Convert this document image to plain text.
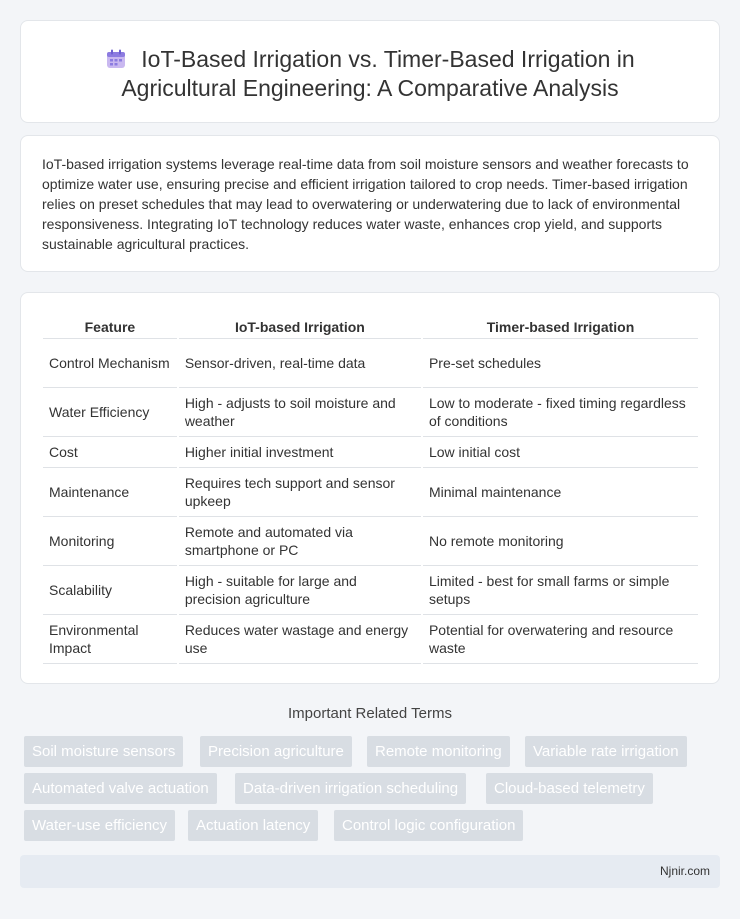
IoT-Based Irrigation vs. Timer-Based Irrigation in
Agricultural Engineering: A Comparative Analysis

IoT-based irrigation systems leverage real-time data from soil moisture sensors and weather forecasts to optimize water use, ensuring precise and efficient irrigation tailored to crop needs. Timer-based irrigation relies on preset schedules that may lead to overwatering or underwatering due to lack of environmental responsiveness. Integrating IoT technology reduces water waste, enhances crop yield, and supports sustainable agricultural practices.

Feature	IoT-based Irrigation	Timer-based Irrigation
Control Mechanism	Sensor-driven, real-time data	Pre-set schedules
Water Efficiency	High - adjusts to soil moisture and weather	Low to moderate - fixed timing regardless of conditions
Cost	Higher initial investment	Low initial cost
Maintenance	Requires tech support and sensor upkeep	Minimal maintenance
Monitoring	Remote and automated via smartphone or PC	No remote monitoring
Scalability	High - suitable for large and precision agriculture	Limited - best for small farms or simple setups
Environmental Impact	Reduces water wastage and energy use	Potential for overwatering and resource waste
Important Related Terms
Soil moisture sensors	Precision agriculture	Remote monitoring	Variable rate irrigation
Automated valve actuation	Data-driven irrigation scheduling	Cloud-based telemetry
Water-use efficiency	Actuation latency	Control logic configuration
Njnir.com
